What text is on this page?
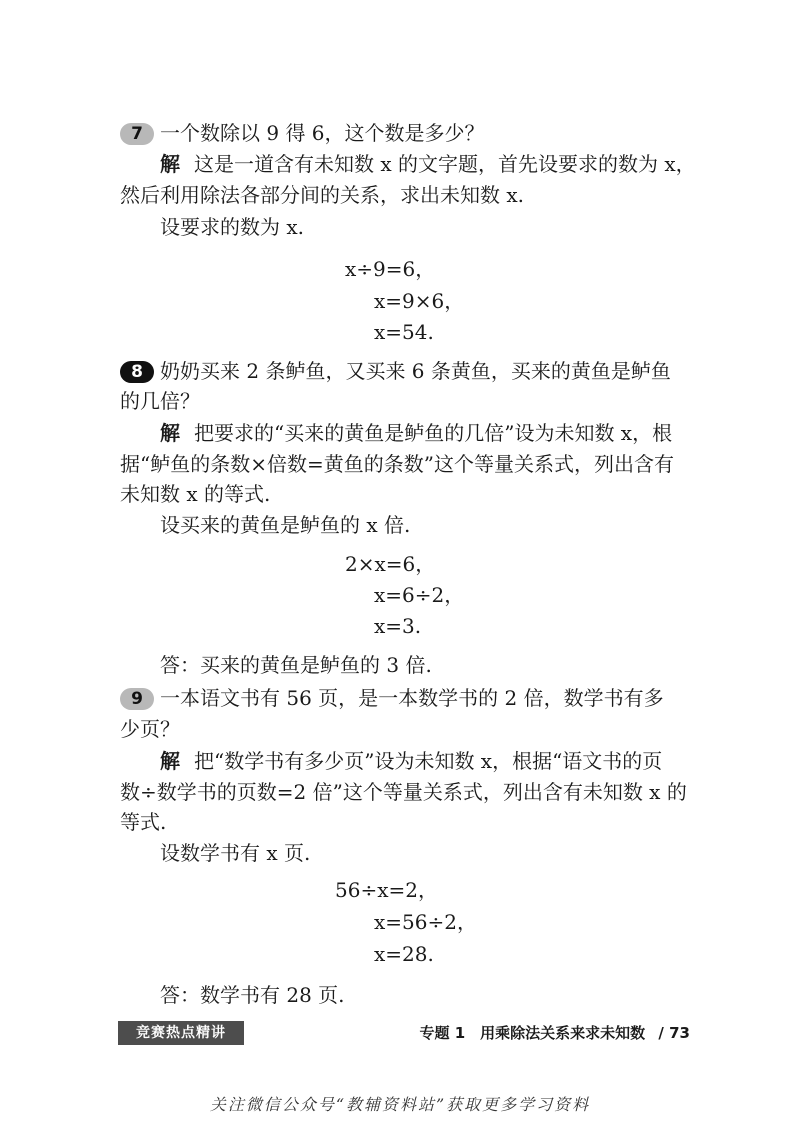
7 一个数除以 9 得 6，这个数是多少？
解 这是一道含有未知数 x 的文字题，首先设要求的数为 x，
然后利用除法各部分间的关系，求出未知数 x.
设要求的数为 x.
x÷9=6，
x=9×6，
x=54.
8 奶奶买来 2 条鲈鱼，又买来 6 条黄鱼，买来的黄鱼是鲈鱼
的几倍？
解 把要求的“买来的黄鱼是鲈鱼的几倍”设为未知数 x，根
据“鲈鱼的条数×倍数=黄鱼的条数”这个等量关系式，列出含有
未知数 x 的等式.
设买来的黄鱼是鲈鱼的 x 倍.
2×x=6，
x=6÷2，
x=3.
答：买来的黄鱼是鲈鱼的 3 倍.
9 一本语文书有 56 页，是一本数学书的 2 倍，数学书有多
少页？
解 把“数学书有多少页”设为未知数 x，根据“语文书的页
数÷数学书的页数=2 倍”这个等量关系式，列出含有未知数 x 的
等式.
设数学书有 x 页.
56÷x=2，
x=56÷2，
x=28.
答：数学书有 28 页.
竞赛热点精讲	专题 1　用乘除法关系来求未知数 / 73
关注微信公众号“教辅资料站”获取更多学习资料
